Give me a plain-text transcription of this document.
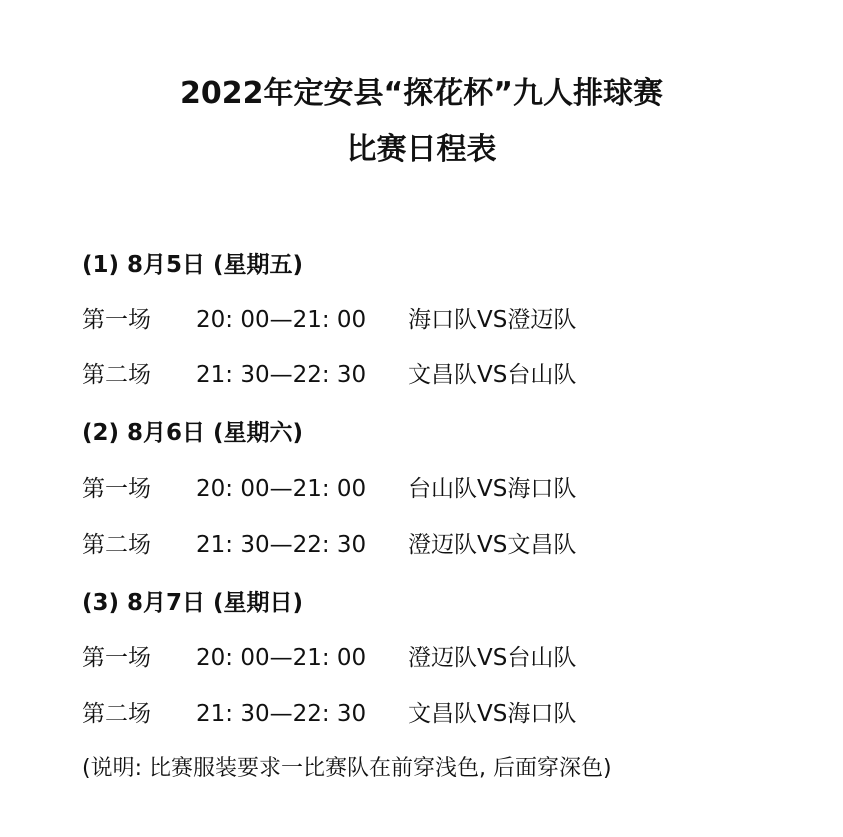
2022年定安县“探花杯”九人排球赛
比赛日程表
(1) 8月5日 (星期五)
第一场 20: 00—21: 00 海口队VS澄迈队
第二场 21: 30—22: 30 文昌队VS台山队
(2) 8月6日 (星期六)
第一场 20: 00—21: 00 台山队VS海口队
第二场 21: 30—22: 30 澄迈队VS文昌队
(3) 8月7日 (星期日)
第一场 20: 00—21: 00 澄迈队VS台山队
第二场 21: 30—22: 30 文昌队VS海口队
(说明: 比赛服装要求一比赛队在前穿浅色, 后面穿深色)
